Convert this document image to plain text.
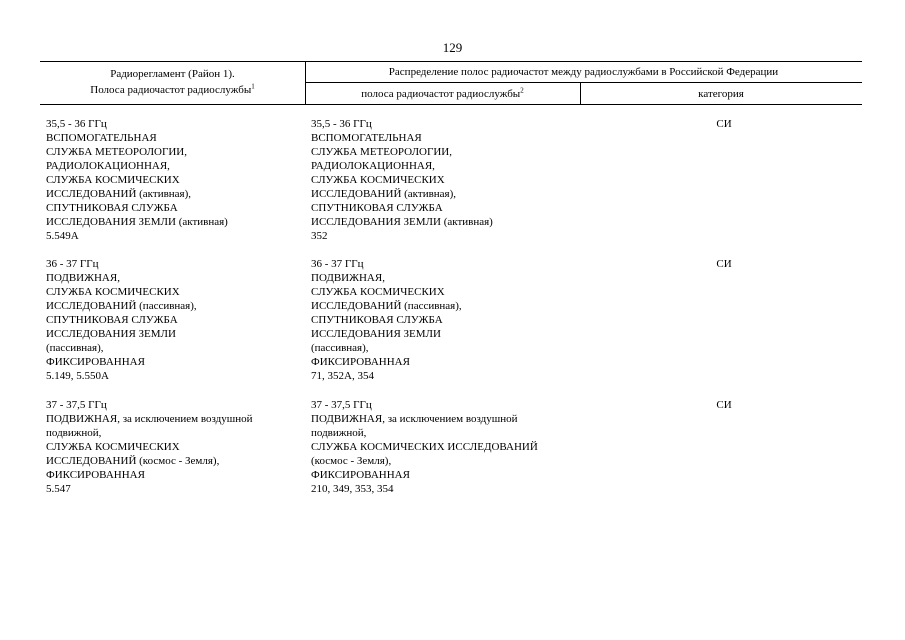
129
Радиорегламент (Район 1).
Полоса радиочастот радиослужбы$^1$
Распределение полос радиочастот между радиослужбами в Российской Федерации
полоса радиочастот радиослужбы$^2$	категория
35,5 - 36 ГГц
ВСПОМОГАТЕЛЬНАЯ
СЛУЖБА МЕТЕОРОЛОГИИ,
РАДИОЛОКАЦИОННАЯ,
СЛУЖБА КОСМИЧЕСКИХ
ИССЛЕДОВАНИЙ (активная),
СПУТНИКОВАЯ СЛУЖБА
ИССЛЕДОВАНИЯ ЗЕМЛИ (активная)
5.549А
35,5 - 36 ГГц
ВСПОМОГАТЕЛЬНАЯ
СЛУЖБА МЕТЕОРОЛОГИИ,
РАДИОЛОКАЦИОННАЯ,
СЛУЖБА КОСМИЧЕСКИХ
ИССЛЕДОВАНИЙ (активная),
СПУТНИКОВАЯ СЛУЖБА
ИССЛЕДОВАНИЯ ЗЕМЛИ (активная)
352
СИ
36 - 37 ГГц
ПОДВИЖНАЯ,
СЛУЖБА КОСМИЧЕСКИХ
ИССЛЕДОВАНИЙ (пассивная),
СПУТНИКОВАЯ СЛУЖБА
ИССЛЕДОВАНИЯ ЗЕМЛИ
(пассивная),
ФИКСИРОВАННАЯ
5.149, 5.550А
36 - 37 ГГц
ПОДВИЖНАЯ,
СЛУЖБА КОСМИЧЕСКИХ
ИССЛЕДОВАНИЙ (пассивная),
СПУТНИКОВАЯ СЛУЖБА
ИССЛЕДОВАНИЯ ЗЕМЛИ
(пассивная),
ФИКСИРОВАННАЯ
71, 352А, 354
СИ
37 - 37,5 ГГц
ПОДВИЖНАЯ, за исключением воздушной
подвижной,
СЛУЖБА КОСМИЧЕСКИХ
ИССЛЕДОВАНИЙ (космос - Земля),
ФИКСИРОВАННАЯ
5.547
37 - 37,5 ГГц
ПОДВИЖНАЯ, за исключением воздушной
подвижной,
СЛУЖБА КОСМИЧЕСКИХ ИССЛЕДОВАНИЙ
(космос - Земля),
ФИКСИРОВАННАЯ
210, 349, 353, 354
СИ
